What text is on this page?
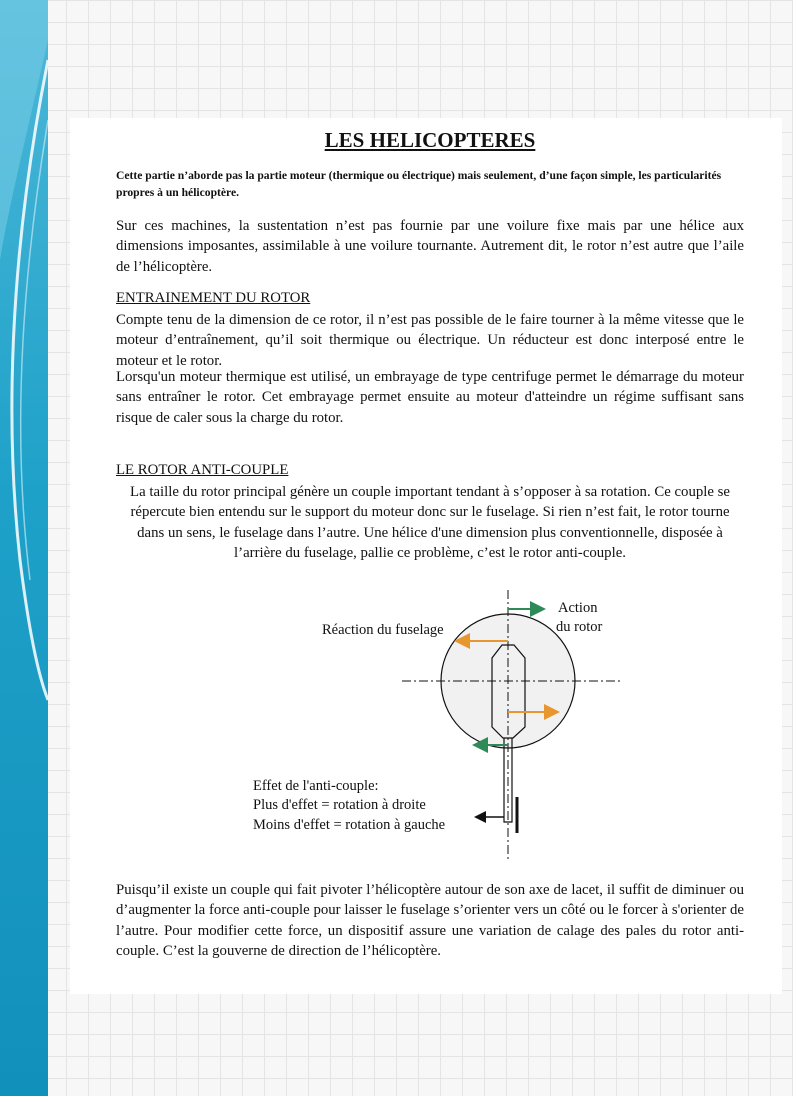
LES HELICOPTERES

Cette partie n’aborde pas la partie moteur (thermique ou électrique) mais seulement, d’une façon simple, les particularités propres à un hélicoptère.

Sur ces machines, la sustentation n’est pas fournie par une voilure fixe mais par une hélice aux dimensions imposantes, assimilable à une voilure tournante. Autrement dit, le rotor n’est autre que l’aile de l’hélicoptère.

ENTRAINEMENT DU ROTOR

Compte tenu de la dimension de ce rotor, il n’est pas possible de le faire tourner à la même vitesse que le moteur d’entraînement, qu’il soit thermique ou électrique. Un réducteur est donc interposé entre le moteur et le rotor.

Lorsqu'un moteur thermique est utilisé, un embrayage de type centrifuge permet le démarrage du moteur sans entraîner le rotor. Cet embrayage permet ensuite au moteur d'atteindre un régime suffisant sans risque de caler sous la charge du rotor.

LE ROTOR ANTI-COUPLE

La taille du rotor principal génère un couple important tendant à s’opposer à sa rotation. Ce couple se répercute bien entendu sur le support du moteur donc sur le fuselage. Si rien n’est fait, le rotor tourne dans un sens, le fuselage dans l’autre. Une hélice d'une dimension plus conventionnelle, disposée à l’arrière du fuselage, pallie ce problème, c’est le rotor anti-couple.

Réaction du fuselage
Action
du rotor
Effet de l'anti-couple:
Plus d'effet = rotation à droite
Moins d'effet = rotation à gauche

Puisqu’il existe un couple qui fait pivoter l’hélicoptère autour de son axe de lacet, il suffit de diminuer ou d’augmenter la force anti-couple pour laisser le fuselage s’orienter vers un côté ou le forcer à s'orienter de l’autre. Pour modifier cette force, un dispositif assure une variation de calage des pales du rotor anti-couple. C’est la gouverne de direction de l’hélicoptère.
